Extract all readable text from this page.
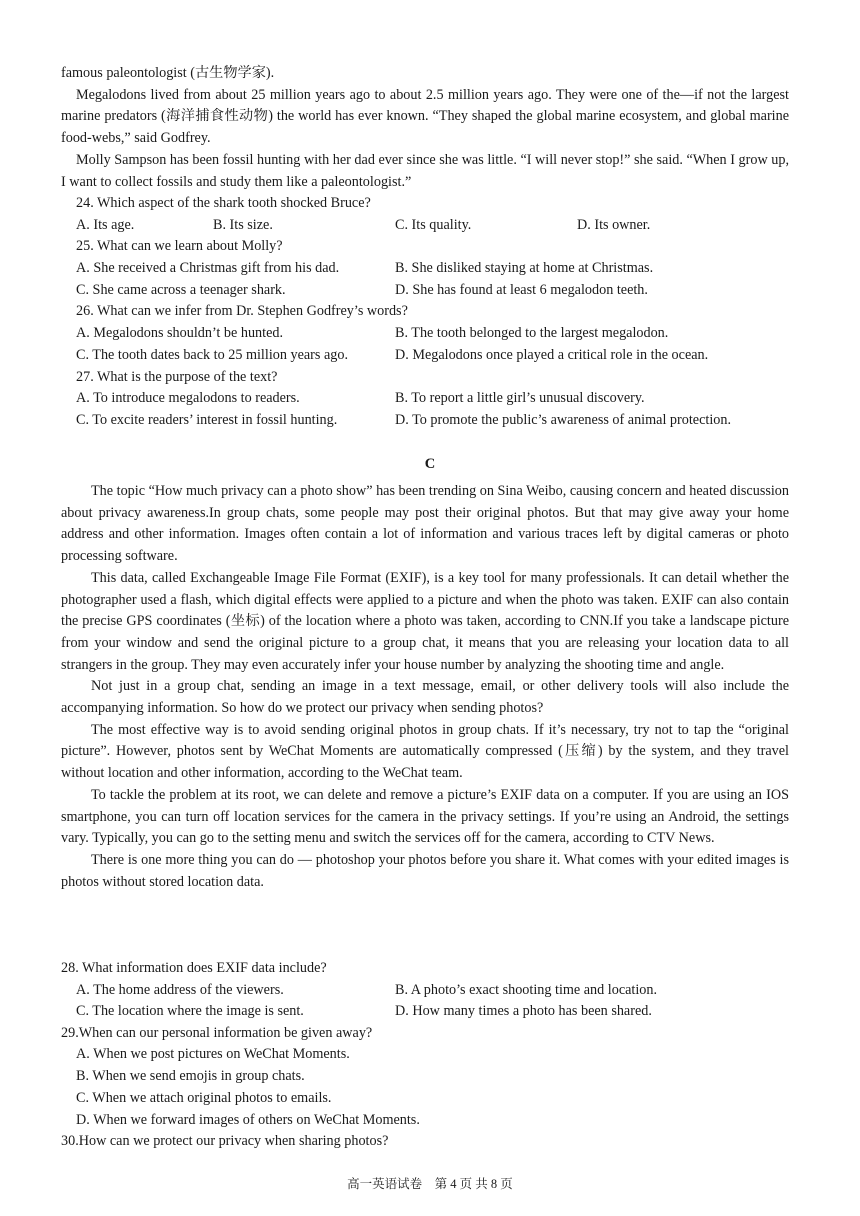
famous paleontologist (古生物学家).

Megalodons lived from about 25 million years ago to about 2.5 million years ago. They were one of the—if not the largest marine predators (海洋捕食性动物) the world has ever known. “They shaped the global marine ecosystem, and global marine food-webs,” said Godfrey.

Molly Sampson has been fossil hunting with her dad ever since she was little. “I will never stop!” she said. “When I grow up, I want to collect fossils and study them like a paleontologist.”

24. Which aspect of the shark tooth shocked Bruce?
A. Its age.	B. Its size.	C. Its quality.	D. Its owner.
25. What can we learn about Molly?
A. She received a Christmas gift from his dad.	B. She disliked staying at home at Christmas.
C. She came across a teenager shark.	D. She has found at least 6 megalodon teeth.
26. What can we infer from Dr. Stephen Godfrey’s words?
A. Megalodons shouldn’t be hunted.	B. The tooth belonged to the largest megalodon.
C. The tooth dates back to 25 million years ago.	D. Megalodons once played a critical role in the ocean.
27. What is the purpose of the text?
A. To introduce megalodons to readers.	B. To report a little girl’s unusual discovery.
C. To excite readers’ interest in fossil hunting.	D. To promote the public’s awareness of animal protection.
C

The topic “How much privacy can a photo show” has been trending on Sina Weibo, causing concern and heated discussion about privacy awareness.In group chats, some people may post their original photos. But that may give away your home address and other information. Images often contain a lot of information and various traces left by digital cameras or photo processing software.

This data, called Exchangeable Image File Format (EXIF), is a key tool for many professionals. It can detail whether the photographer used a flash, which digital effects were applied to a picture and when the photo was taken. EXIF can also contain the precise GPS coordinates (坐标) of the location where a photo was taken, according to CNN.If you take a landscape picture from your window and send the original picture to a group chat, it means that you are releasing your location data to all strangers in the group. They may even accurately infer your house number by analyzing the shooting time and angle.

Not just in a group chat, sending an image in a text message, email, or other delivery tools will also include the accompanying information. So how do we protect our privacy when sending photos?

The most effective way is to avoid sending original photos in group chats. If it’s necessary, try not to tap the “original picture”. However, photos sent by WeChat Moments are automatically compressed (压缩) by the system, and they travel without location and other information, according to the WeChat team.

To tackle the problem at its root, we can delete and remove a picture’s EXIF data on a computer. If you are using an IOS smartphone, you can turn off location services for the camera in the privacy settings. If you’re using an Android, the settings vary. Typically, you can go to the setting menu and switch the services off for the camera, according to CTV News.

There is one more thing you can do — photoshop your photos before you share it. What comes with your edited images is photos without stored location data.

28. What information does EXIF data include?
A. The home address of the viewers.	B. A photo’s exact shooting time and location.
C. The location where the image is sent.	D. How many times a photo has been shared.
29.When can our personal information be given away?
A. When we post pictures on WeChat Moments.
B. When we send emojis in group chats.
C. When we attach original photos to emails.
D. When we forward images of others on WeChat Moments.
30.How can we protect our privacy when sharing photos?
高一英语试卷　第 4 页 共 8 页
